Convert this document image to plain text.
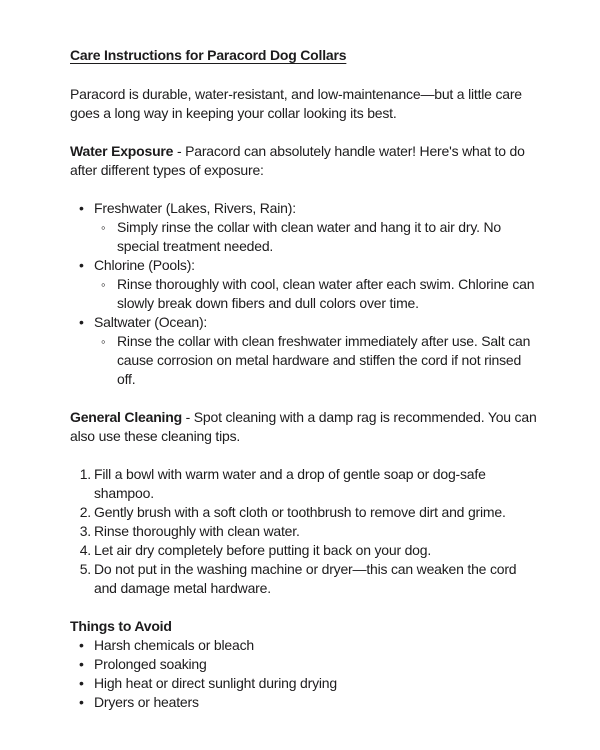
Care Instructions for Paracord Dog Collars

Paracord is durable, water-resistant, and low-maintenance—but a little care goes a long way in keeping your collar looking its best.

Water Exposure - Paracord can absolutely handle water! Here's what to do after different types of exposure:

• Freshwater (Lakes, Rivers, Rain):
◦ Simply rinse the collar with clean water and hang it to air dry. No special treatment needed.
• Chlorine (Pools):
◦ Rinse thoroughly with cool, clean water after each swim. Chlorine can slowly break down fibers and dull colors over time.
• Saltwater (Ocean):
◦ Rinse the collar with clean freshwater immediately after use. Salt can cause corrosion on metal hardware and stiffen the cord if not rinsed off.

General Cleaning - Spot cleaning with a damp rag is recommended. You can also use these cleaning tips.

Fill a bowl with warm water and a drop of gentle soap or dog-safe shampoo.
Gently brush with a soft cloth or toothbrush to remove dirt and grime.
Rinse thoroughly with clean water.
Let air dry completely before putting it back on your dog.
Do not put in the washing machine or dryer—this can weaken the cord and damage metal hardware.

Things to Avoid

• Harsh chemicals or bleach
• Prolonged soaking
• High heat or direct sunlight during drying
• Dryers or heaters
